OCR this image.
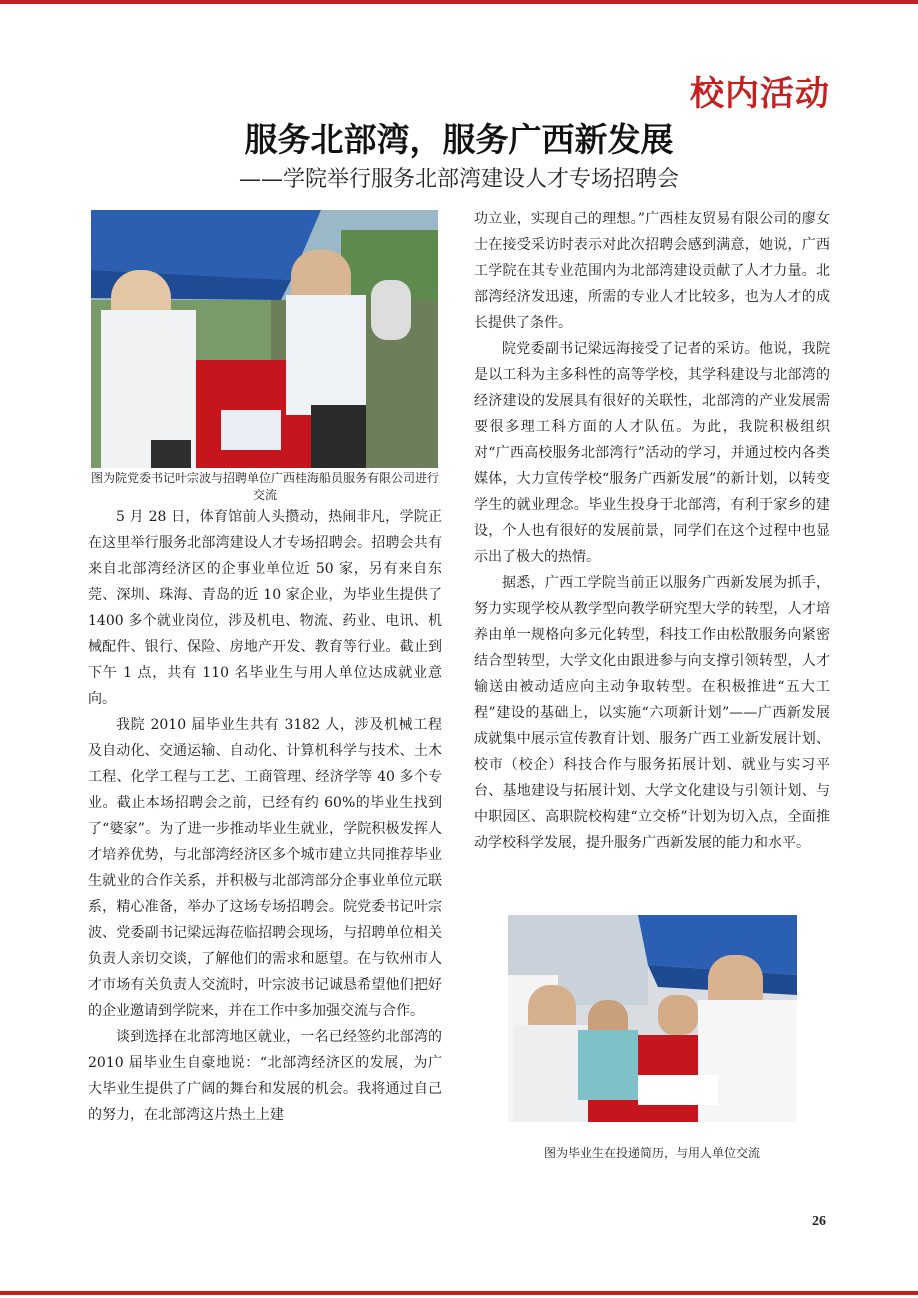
校内活动
服务北部湾，服务广西新发展
——学院举行服务北部湾建设人才专场招聘会
图为院党委书记叶宗波与招聘单位广西桂海船员服务有限公司进行交流

5 月 28 日，体育馆前人头攒动，热闹非凡，学院正在这里举行服务北部湾建设人才专场招聘会。招聘会共有来自北部湾经济区的企事业单位近 50 家，另有来自东莞、深圳、珠海、青岛的近 10 家企业，为毕业生提供了 1400 多个就业岗位，涉及机电、物流、药业、电讯、机械配件、银行、保险、房地产开发、教育等行业。截止到下午 1 点，共有 110 名毕业生与用人单位达成就业意向。

我院 2010 届毕业生共有 3182 人，涉及机械工程及自动化、交通运输、自动化、计算机科学与技术、土木工程、化学工程与工艺、工商管理、经济学等 40 多个专业。截止本场招聘会之前，已经有约 60%的毕业生找到了“婆家”。为了进一步推动毕业生就业，学院积极发挥人才培养优势，与北部湾经济区多个城市建立共同推荐毕业生就业的合作关系，并积极与北部湾部分企事业单位元联系，精心准备，举办了这场专场招聘会。院党委书记叶宗波、党委副书记梁远海莅临招聘会现场，与招聘单位相关负责人亲切交谈，了解他们的需求和愿望。在与钦州市人才市场有关负责人交流时，叶宗波书记诚恳希望他们把好的企业邀请到学院来，并在工作中多加强交流与合作。

谈到选择在北部湾地区就业，一名已经签约北部湾的 2010 届毕业生自豪地说：“北部湾经济区的发展，为广大毕业生提供了广阔的舞台和发展的机会。我将通过自己的努力，在北部湾这片热土上建

功立业，实现自己的理想。”广西桂友贸易有限公司的廖女士在接受采访时表示对此次招聘会感到满意，她说，广西工学院在其专业范围内为北部湾建设贡献了人才力量。北部湾经济发迅速，所需的专业人才比较多，也为人才的成长提供了条件。

院党委副书记梁远海接受了记者的采访。他说，我院是以工科为主多科性的高等学校，其学科建设与北部湾的经济建设的发展具有很好的关联性，北部湾的产业发展需要很多理工科方面的人才队伍。为此，我院积极组织对“广西高校服务北部湾行”活动的学习，并通过校内各类媒体，大力宣传学校“服务广西新发展”的新计划，以转变学生的就业理念。毕业生投身于北部湾，有利于家乡的建设，个人也有很好的发展前景，同学们在这个过程中也显示出了极大的热情。

据悉，广西工学院当前正以服务广西新发展为抓手，努力实现学校从教学型向教学研究型大学的转型，人才培养由单一规格向多元化转型，科技工作由松散服务向紧密结合型转型，大学文化由跟进参与向支撑引领转型，人才输送由被动适应向主动争取转型。在积极推进“五大工程”建设的基础上，以实施“六项新计划”——广西新发展成就集中展示宣传教育计划、服务广西工业新发展计划、校市（校企）科技合作与服务拓展计划、就业与实习平台、基地建设与拓展计划、大学文化建设与引领计划、与中职园区、高职院校构建“立交桥”计划为切入点，全面推动学校科学发展，提升服务广西新发展的能力和水平。

图为毕业生在投递简历，与用人单位交流
26
